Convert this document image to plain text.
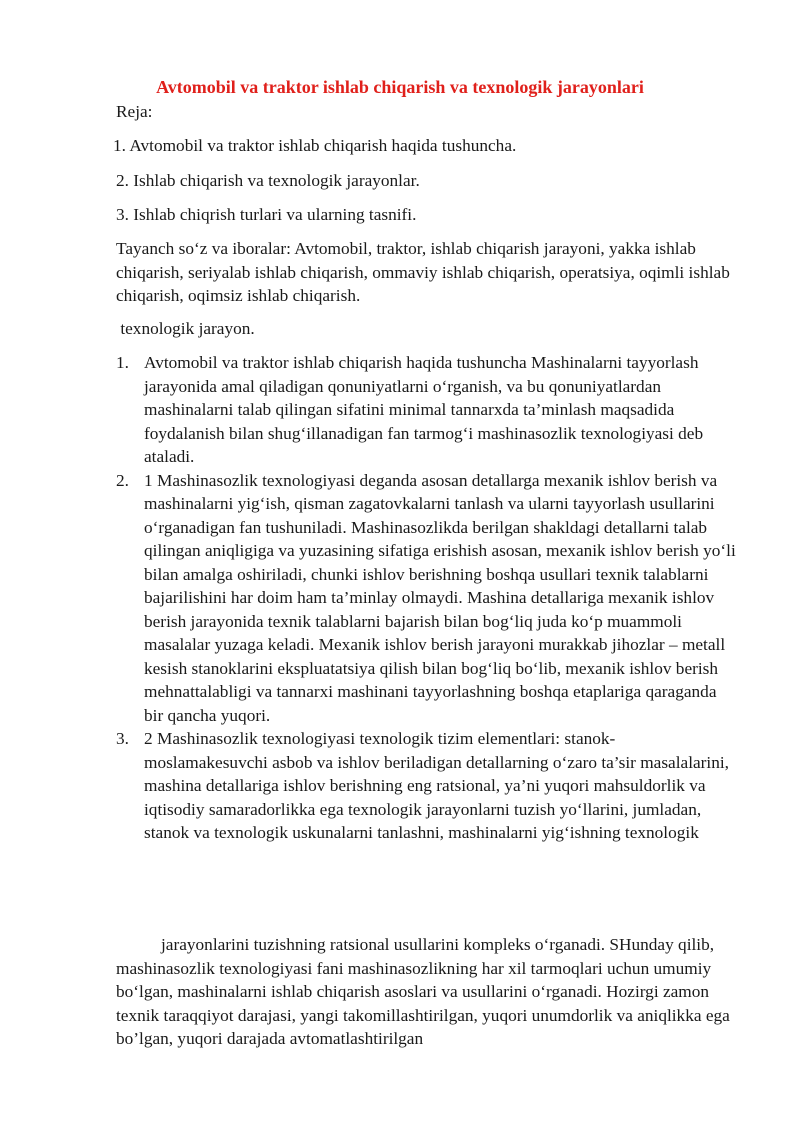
Avtomobil va traktor ishlab chiqarish va texnologik jarayonlari
Reja:
1. Avtomobil va traktor ishlab chiqarish haqida tushuncha.
2. Ishlab chiqarish va texnologik jarayonlar.
3. Ishlab chiqrish turlari va ularning tasnifi.

Tayanch so‘z va iboralar: Avtomobil, traktor, ishlab chiqarish jarayoni, yakka ishlab chiqarish, seriyalab ishlab chiqarish, ommaviy ishlab chiqarish, operatsiya, oqimli ishlab chiqarish, oqimsiz ishlab chiqarish.

texnologik jarayon.
1. Avtomobil va traktor ishlab chiqarish haqida tushuncha Mashinalarni tayyorlash jarayonida amal qiladigan qonuniyatlarni o‘rganish, va bu qonuniyatlardan mashinalarni talab qilingan sifatini minimal tannarxda ta’minlash maqsadida foydalanish bilan shug‘illanadigan fan tarmog‘i mashinasozlik texnologiyasi deb ataladi.
2. 1 Mashinasozlik texnologiyasi deganda asosan detallarga mexanik ishlov berish va mashinalarni yig‘ish, qisman zagatovkalarni tanlash va ularni tayyorlash usullarini o‘rganadigan fan tushuniladi. Mashinasozlikda berilgan shakldagi detallarni talab qilingan aniqligiga va yuzasining sifatiga erishish asosan, mexanik ishlov berish yo‘li bilan amalga oshiriladi, chunki ishlov berishning boshqa usullari texnik talablarni bajarilishini har doim ham ta’minlay olmaydi. Mashina detallariga mexanik ishlov berish jarayonida texnik talablarni bajarish bilan bog‘liq juda ko‘p muammoli masalalar yuzaga keladi. Mexanik ishlov berish jarayoni murakkab jihozlar – metall kesish stanoklarini ekspluatatsiya qilish bilan bog‘liq bo‘lib, mexanik ishlov berish mehnattalabligi va tannarxi mashinani tayyorlashning boshqa etaplariga qaraganda bir qancha yuqori.
3. 2 Mashinasozlik texnologiyasi texnologik tizim elementlari: stanok-moslamakesuvchi asbob va ishlov beriladigan detallarning o‘zaro ta’sir masalalarini, mashina detallariga ishlov berishning eng ratsional, ya’ni yuqori mahsuldorlik va iqtisodiy samaradorlikka ega texnologik jarayonlarni tuzish yo‘llarini, jumladan, stanok va texnologik uskunalarni tanlashni, mashinalarni yig‘ishning texnologik

jarayonlarini tuzishning ratsional usullarini kompleks o‘rganadi. SHunday qilib, mashinasozlik texnologiyasi fani mashinasozlikning har xil tarmoqlari uchun umumiy bo‘lgan, mashinalarni ishlab chiqarish asoslari va usullarini o‘rganadi. Hozirgi zamon texnik taraqqiyot darajasi, yangi takomillashtirilgan, yuqori unumdorlik va aniqlikka ega bo’lgan, yuqori darajada avtomatlashtirilgan
